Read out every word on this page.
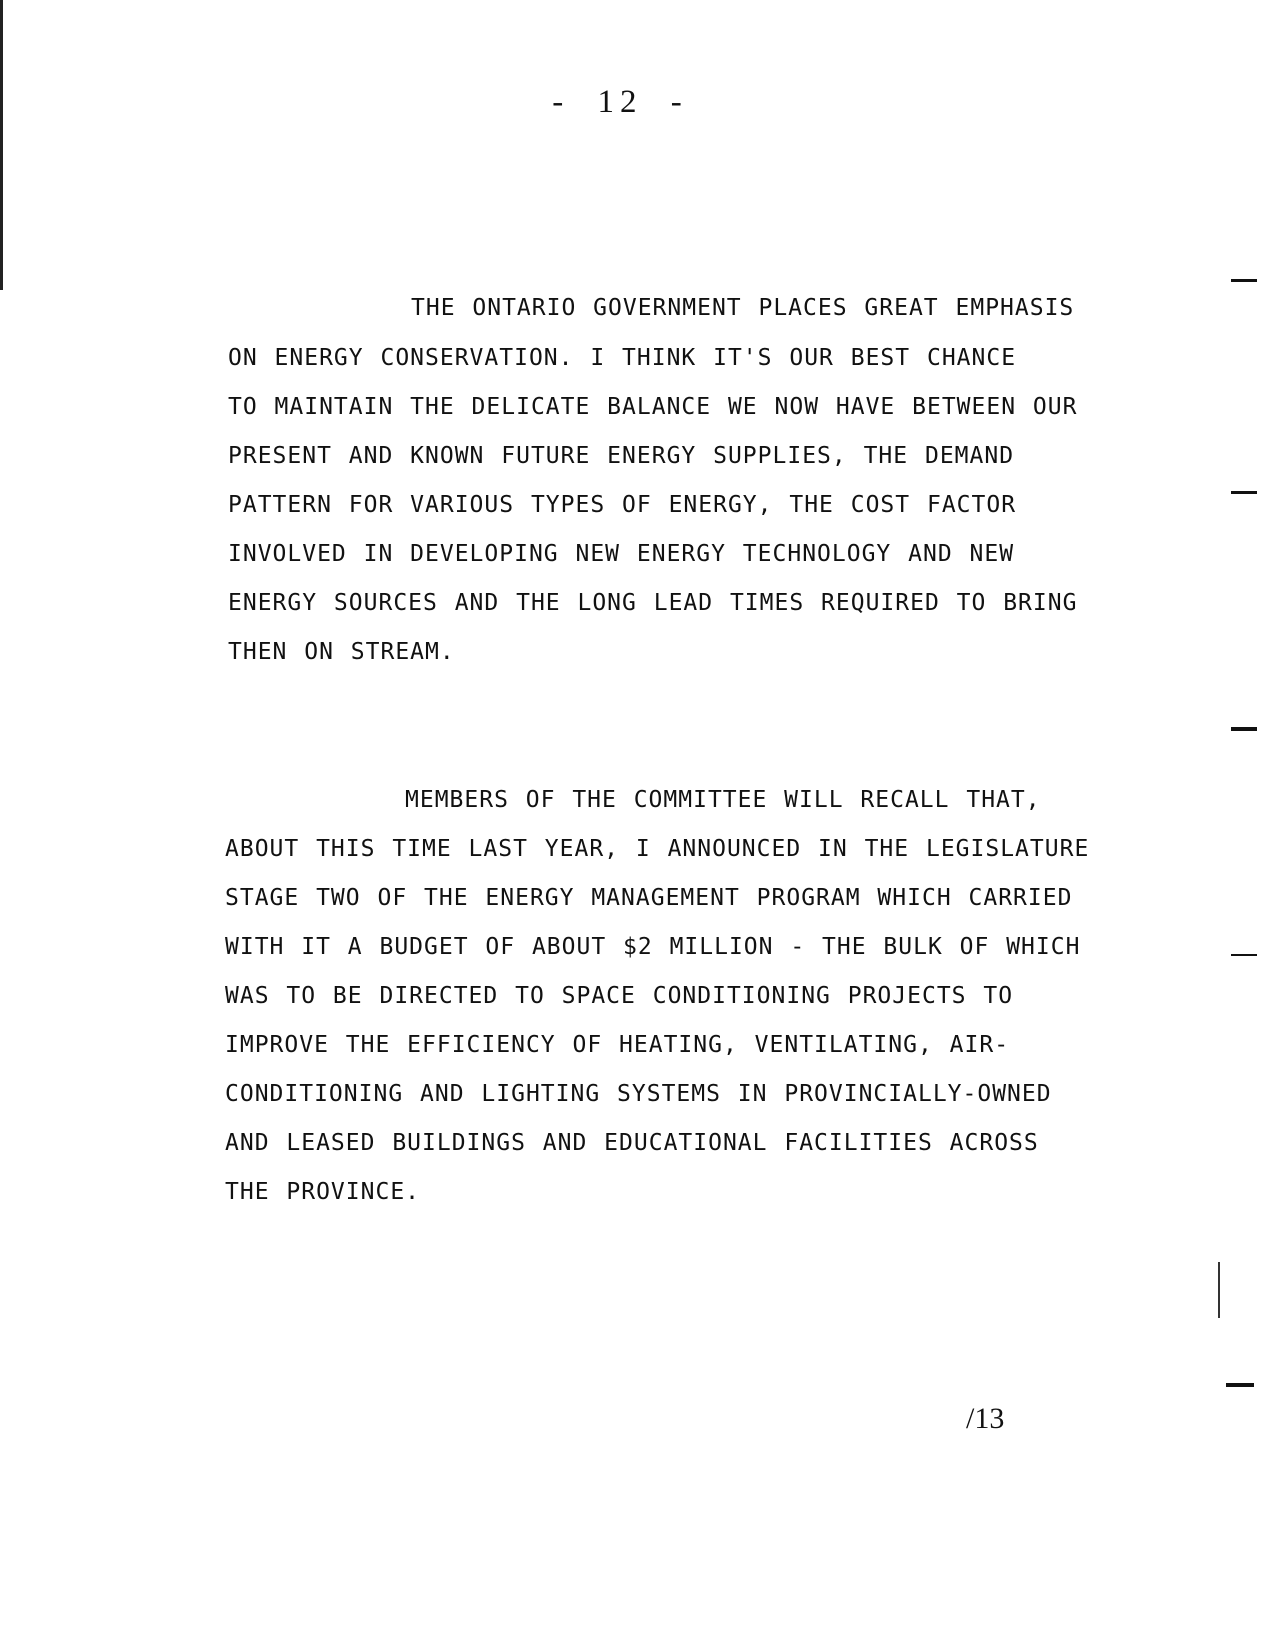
- 12 -
THE ONTARIO GOVERNMENT PLACES GREAT EMPHASIS
ON ENERGY CONSERVATION. I THINK IT'S OUR BEST CHANCE
TO MAINTAIN THE DELICATE BALANCE WE NOW HAVE BETWEEN OUR
PRESENT AND KNOWN FUTURE ENERGY SUPPLIES, THE DEMAND
PATTERN FOR VARIOUS TYPES OF ENERGY, THE COST FACTOR
INVOLVED IN DEVELOPING NEW ENERGY TECHNOLOGY AND NEW
ENERGY SOURCES AND THE LONG LEAD TIMES REQUIRED TO BRING
THEN ON STREAM.
MEMBERS OF THE COMMITTEE WILL RECALL THAT,
ABOUT THIS TIME LAST YEAR, I ANNOUNCED IN THE LEGISLATURE
STAGE TWO OF THE ENERGY MANAGEMENT PROGRAM WHICH CARRIED
WITH IT A BUDGET OF ABOUT $2 MILLION - THE BULK OF WHICH
WAS TO BE DIRECTED TO SPACE CONDITIONING PROJECTS TO
IMPROVE THE EFFICIENCY OF HEATING, VENTILATING, AIR-
CONDITIONING AND LIGHTING SYSTEMS IN PROVINCIALLY-OWNED
AND LEASED BUILDINGS AND EDUCATIONAL FACILITIES ACROSS
THE PROVINCE.
/13
